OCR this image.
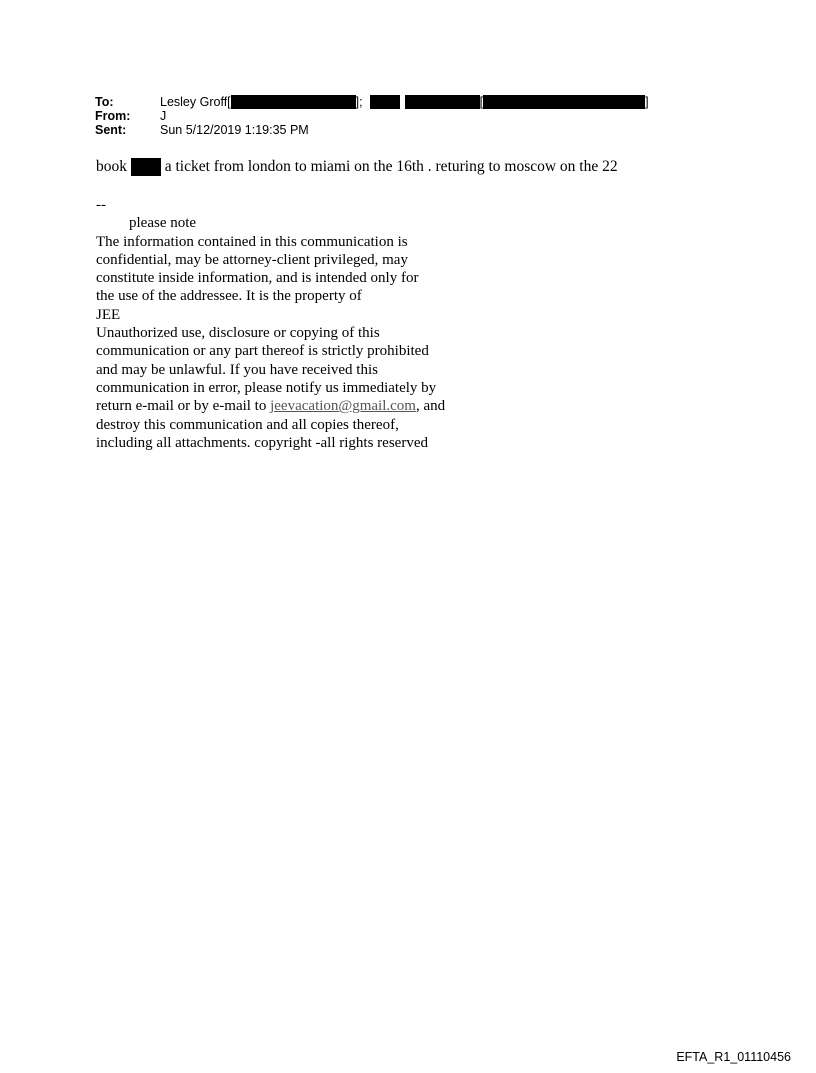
To:	Lesley Groff[	];	[	]
From: J
Sent:	Sun 5/12/2019 1:19:35 PM
book a ticket from london to miami on the 16th . returing to moscow on the 22
--
please note
The information contained in this communication is
confidential, may be attorney-client privileged, may
constitute inside information, and is intended only for
the use of the addressee. It is the property of
JEE
Unauthorized use, disclosure or copying of this
communication or any part thereof is strictly prohibited
and may be unlawful. If you have received this
communication in error, please notify us immediately by
return e-mail or by e-mail to jeevacation@gmail.com, and
destroy this communication and all copies thereof,
including all attachments. copyright -all rights reserved
EFTA_R1_01110456
